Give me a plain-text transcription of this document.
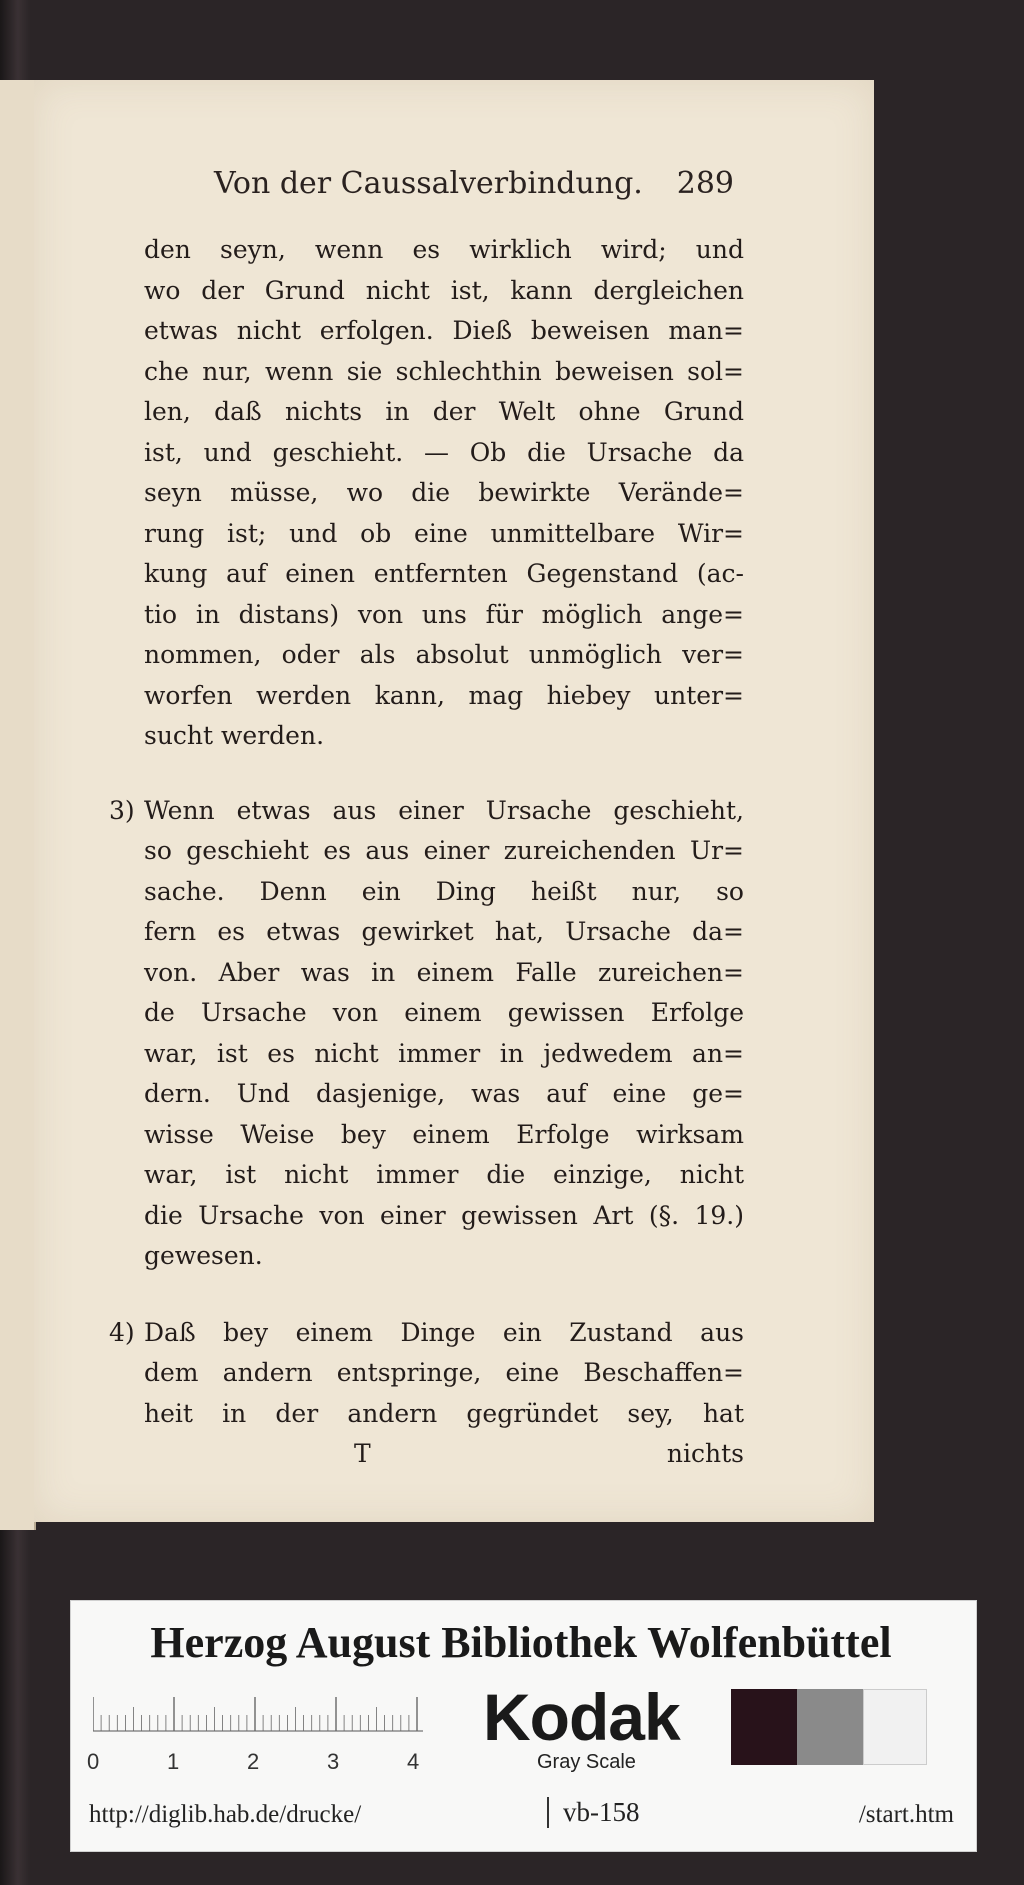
Von der Caussalverbindung. 289
den seyn, wenn es wirklich wird; und
wo der Grund nicht ist, kann dergleichen
etwas nicht erfolgen. Dieß beweisen man=
che nur, wenn sie schlechthin beweisen sol=
len, daß nichts in der Welt ohne Grund
ist, und geschieht. — Ob die Ursache da
seyn müsse, wo die bewirkte Verände=
rung ist; und ob eine unmittelbare Wir=
kung auf einen entfernten Gegenstand (ac-
tio in distans) von uns für möglich ange=
nommen, oder als absolut unmöglich ver=
worfen werden kann, mag hiebey unter=
sucht werden.
3) Wenn etwas aus einer Ursache geschieht,
so geschieht es aus einer zureichenden Ur=
sache. Denn ein Ding heißt nur, so
fern es etwas gewirket hat, Ursache da=
von. Aber was in einem Falle zureichen=
de Ursache von einem gewissen Erfolge
war, ist es nicht immer in jedwedem an=
dern. Und dasjenige, was auf eine ge=
wisse Weise bey einem Erfolge wirksam
war, ist nicht immer die einzige, nicht
die Ursache von einer gewissen Art (§. 19.)
gewesen.
4) Daß bey einem Dinge ein Zustand aus
dem andern entspringe, eine Beschaffen=
heit in der andern gegründet sey, hat
T	nichts
Herzog August Bibliothek Wolfenbüttel
0	1	2	3	4
Kodak
Gray Scale
http://diglib.hab.de/drucke/	vb-158	/start.htm
